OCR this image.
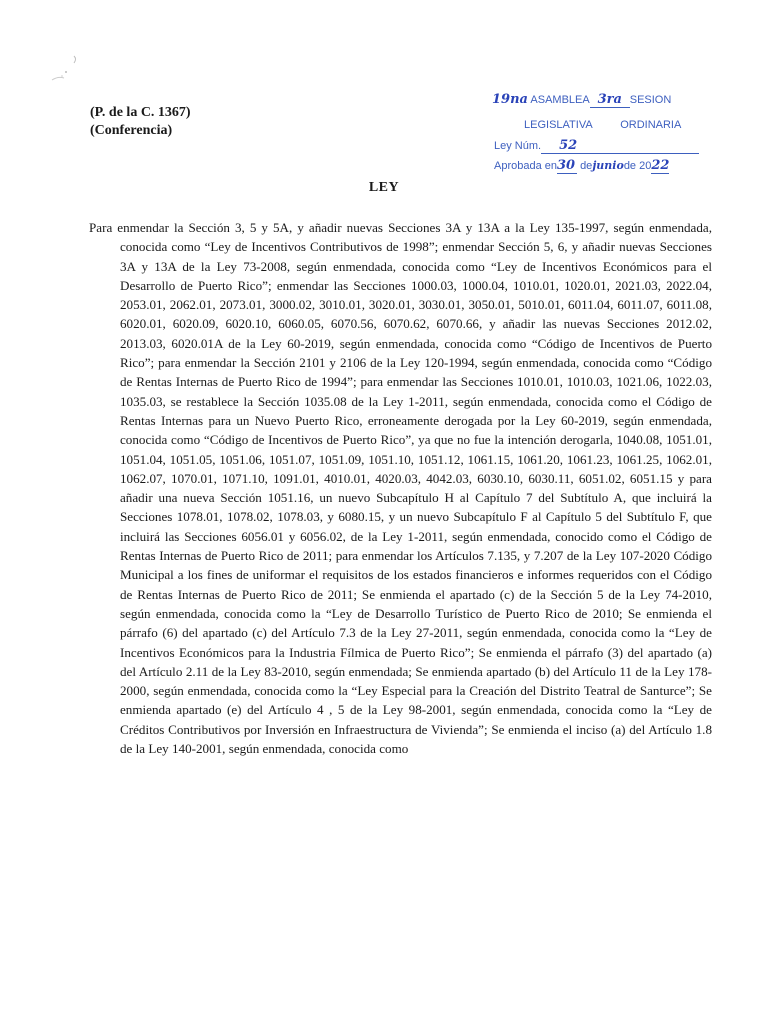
(P. de la C. 1367)
(Conferencia)
19na ASAMBLEA 3ra SESION
LEGISLATIVA	ORDINARIA
Ley Núm. 52
Aprobada en30 dejuniode 2022
LEY

Para enmendar la Sección 3, 5 y 5A, y añadir nuevas Secciones 3A y 13A a la Ley 135-1997, según enmendada, conocida como “Ley de Incentivos Contributivos de 1998”; enmendar Sección 5, 6, y añadir nuevas Secciones 3A y 13A de la Ley 73-2008, según enmendada, conocida como “Ley de Incentivos Económicos para el Desarrollo de Puerto Rico”; enmendar las Secciones 1000.03, 1000.04, 1010.01, 1020.01, 2021.03, 2022.04, 2053.01, 2062.01, 2073.01, 3000.02, 3010.01, 3020.01, 3030.01, 3050.01, 5010.01, 6011.04, 6011.07, 6011.08, 6020.01, 6020.09, 6020.10, 6060.05, 6070.56, 6070.62, 6070.66, y añadir las nuevas Secciones 2012.02, 2013.03, 6020.01A de la Ley 60-2019, según enmendada, conocida como “Código de Incentivos de Puerto Rico”; para enmendar la Sección 2101 y 2106 de la Ley 120-1994, según enmendada, conocida como “Código de Rentas Internas de Puerto Rico de 1994”; para enmendar las Secciones 1010.01, 1010.03, 1021.06, 1022.03, 1035.03, se restablece la Sección 1035.08 de la Ley 1-2011, según enmendada, conocida como el Código de Rentas Internas para un Nuevo Puerto Rico, erroneamente derogada por la Ley 60-2019, según enmendada, conocida como “Código de Incentivos de Puerto Rico”, ya que no fue la intención derogarla, 1040.08, 1051.01, 1051.04, 1051.05, 1051.06, 1051.07, 1051.09, 1051.10, 1051.12, 1061.15, 1061.20, 1061.23, 1061.25, 1062.01, 1062.07, 1070.01, 1071.10, 1091.01, 4010.01, 4020.03, 4042.03, 6030.10, 6030.11, 6051.02, 6051.15 y para añadir una nueva Sección 1051.16, un nuevo Subcapítulo H al Capítulo 7 del Subtítulo A, que incluirá la Secciones 1078.01, 1078.02, 1078.03, y 6080.15, y un nuevo Subcapítulo F al Capítulo 5 del Subtítulo F, que incluirá las Secciones 6056.01 y 6056.02, de la Ley 1-2011, según enmendada, conocido como el Código de Rentas Internas de Puerto Rico de 2011; para enmendar los Artículos 7.135, y 7.207 de la Ley 107-2020 Código Municipal a los fines de uniformar el requisitos de los estados financieros e informes requeridos con el Código de Rentas Internas de Puerto Rico de 2011; Se enmienda el apartado (c) de la Sección 5 de la Ley 74-2010, según enmendada, conocida como la “Ley de Desarrollo Turístico de Puerto Rico de 2010; Se enmienda el párrafo (6) del apartado (c) del Artículo 7.3 de la Ley 27-2011, según enmendada, conocida como la “Ley de Incentivos Económicos para la Industria Fílmica de Puerto Rico”; Se enmienda el párrafo (3) del apartado (a) del Artículo 2.11 de la Ley 83-2010, según enmendada; Se enmienda apartado (b) del Artículo 11 de la Ley 178-2000, según enmendada, conocida como la “Ley Especial para la Creación del Distrito Teatral de Santurce”; Se enmienda apartado (e) del Artículo 4 , 5 de la Ley 98-2001, según enmendada, conocida como la “Ley de Créditos Contributivos por Inversión en Infraestructura de Vivienda”; Se enmienda el inciso (a) del Artículo 1.8 de la Ley 140-2001, según enmendada, conocida como
